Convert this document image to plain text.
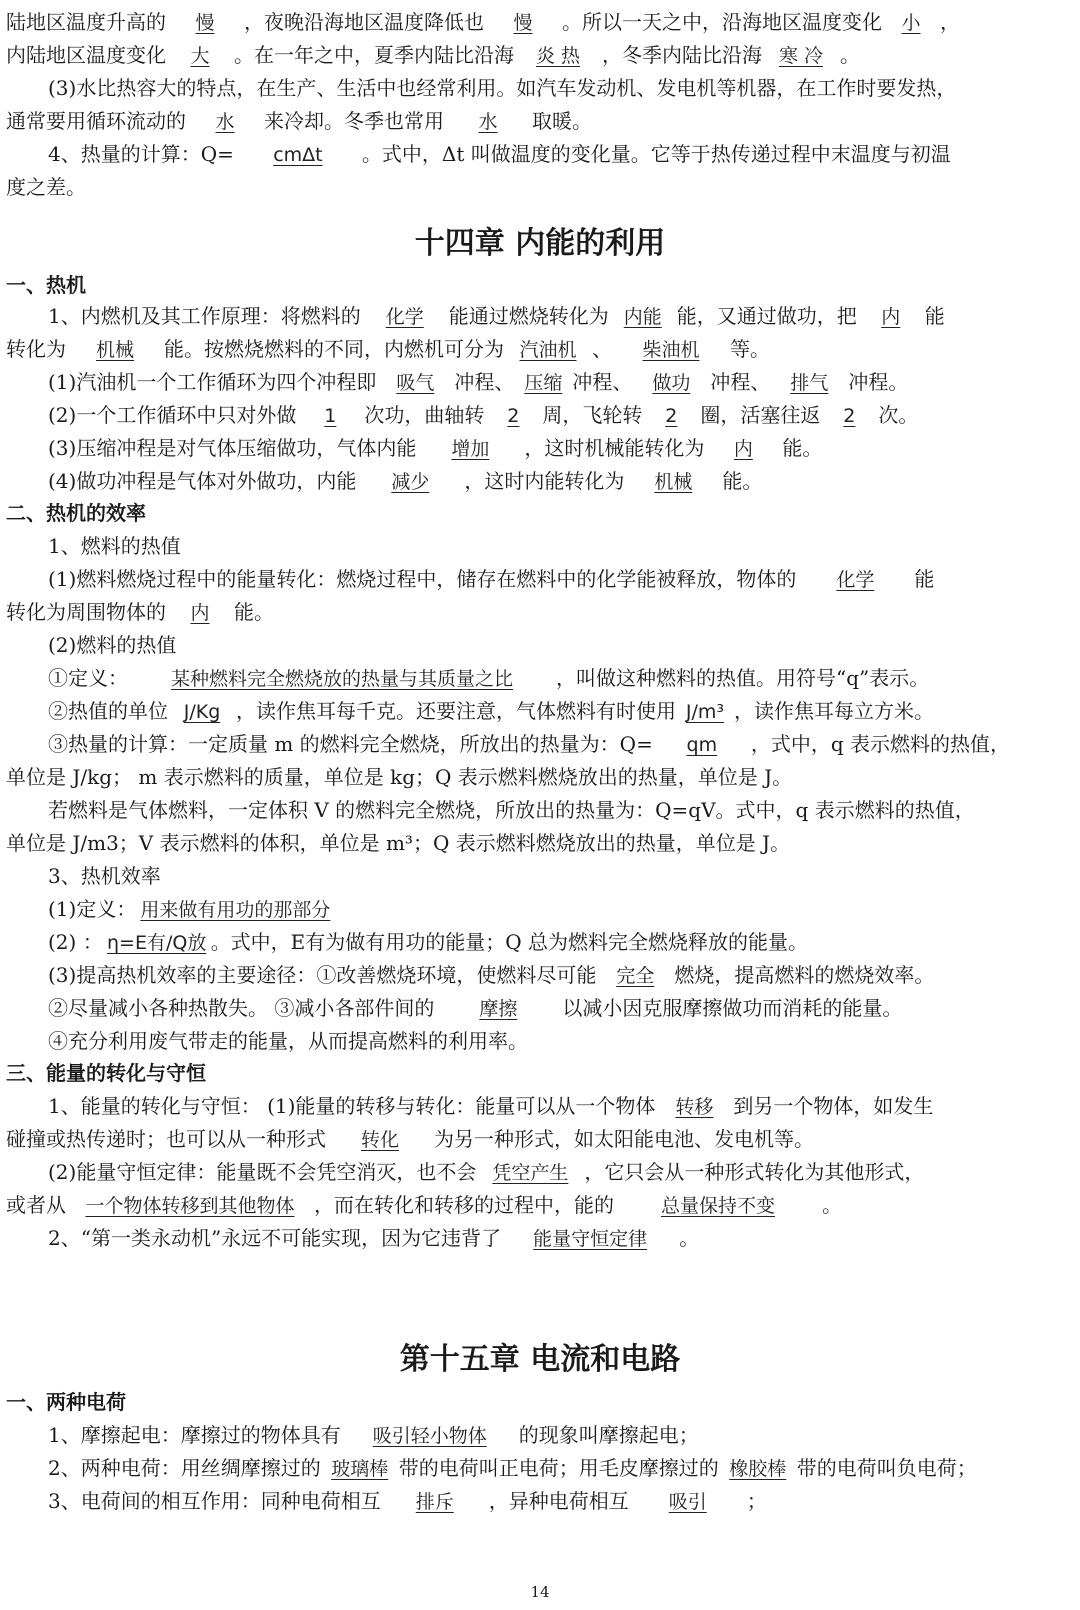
陆地区温度升高的 慢 ，夜晚沿海地区温度降低也 慢 。所以一天之中，沿海地区温度变化 小 ，
内陆地区温度变化 大 。在一年之中，夏季内陆比沿海 炎 热 ，冬季内陆比沿海 寒 冷 。
(3)水比热容大的特点，在生产、生活中也经常利用。如汽车发动机、发电机等机器，在工作时要发热，
通常要用循环流动的 水 来冷却。冬季也常用 水 取暖。
4、热量的计算：Q= cmΔt 。式中，Δt 叫做温度的变化量。它等于热传递过程中末温度与初温
度之差。
十四章 内能的利用
一、热机
1、内燃机及其工作原理：将燃料的 化学 能通过燃烧转化为 内能 能，又通过做功，把 内 能
转化为 机械 能。按燃烧燃料的不同，内燃机可分为 汽油机 、 柴油机 等。
(1)汽油机一个工作循环为四个冲程即 吸气 冲程、 压缩 冲程、 做功 冲程、 排气 冲程。
(2)一个工作循环中只对外做 1 次功，曲轴转 2 周，飞轮转 2 圈，活塞往返 2 次。
(3)压缩冲程是对气体压缩做功，气体内能 增加 ，这时机械能转化为 内 能。
(4)做功冲程是气体对外做功，内能 减少 ，这时内能转化为 机械 能。
二、热机的效率
1、燃料的热值
(1)燃料燃烧过程中的能量转化：燃烧过程中，储存在燃料中的化学能被释放，物体的 化学 能
转化为周围物体的 内 能。
(2)燃料的热值
①定义： 某种燃料完全燃烧放的热量与其质量之比 ，叫做这种燃料的热值。用符号“q”表示。
②热值的单位 J/Kg ，读作焦耳每千克。还要注意，气体燃料有时使用 J/m³ ，读作焦耳每立方米。
③热量的计算：一定质量 m 的燃料完全燃烧，所放出的热量为：Q= qm ，式中，q 表示燃料的热值，
单位是 J/kg； m 表示燃料的质量，单位是 kg；Q 表示燃料燃烧放出的热量，单位是 J。
若燃料是气体燃料，一定体积 V 的燃料完全燃烧，所放出的热量为：Q=qV。式中，q 表示燃料的热值，
单位是 J/m3；V 表示燃料的体积，单位是 m³；Q 表示燃料燃烧放出的热量，单位是 J。
3、热机效率
(1)定义： 用来做有用功的那部分
(2) ： η=E有/Q放 。式中，E有为做有用功的能量；Q 总为燃料完全燃烧释放的能量。
(3)提高热机效率的主要途径：①改善燃烧环境，使燃料尽可能 完全 燃烧，提高燃料的燃烧效率。
②尽量减小各种热散失。 ③减小各部件间的 摩擦 以减小因克服摩擦做功而消耗的能量。
④充分利用废气带走的能量，从而提高燃料的利用率。
三、能量的转化与守恒
1、能量的转化与守恒： (1)能量的转移与转化：能量可以从一个物体 转移 到另一个物体，如发生
碰撞或热传递时；也可以从一种形式 转化 为另一种形式，如太阳能电池、发电机等。
(2)能量守恒定律：能量既不会凭空消灭，也不会 凭空产生 ，它只会从一种形式转化为其他形式，
或者从 一个物体转移到其他物体 ，而在转化和转移的过程中，能的 总量保持不变 。
2、“第一类永动机”永远不可能实现，因为它违背了 能量守恒定律 。
第十五章 电流和电路
一、两种电荷
1、摩擦起电：摩擦过的物体具有 吸引轻小物体 的现象叫摩擦起电；
2、两种电荷：用丝绸摩擦过的 玻璃棒 带的电荷叫正电荷；用毛皮摩擦过的 橡胶棒 带的电荷叫负电荷；
3、电荷间的相互作用：同种电荷相互 排斥 ，异种电荷相互 吸引 ；
14
